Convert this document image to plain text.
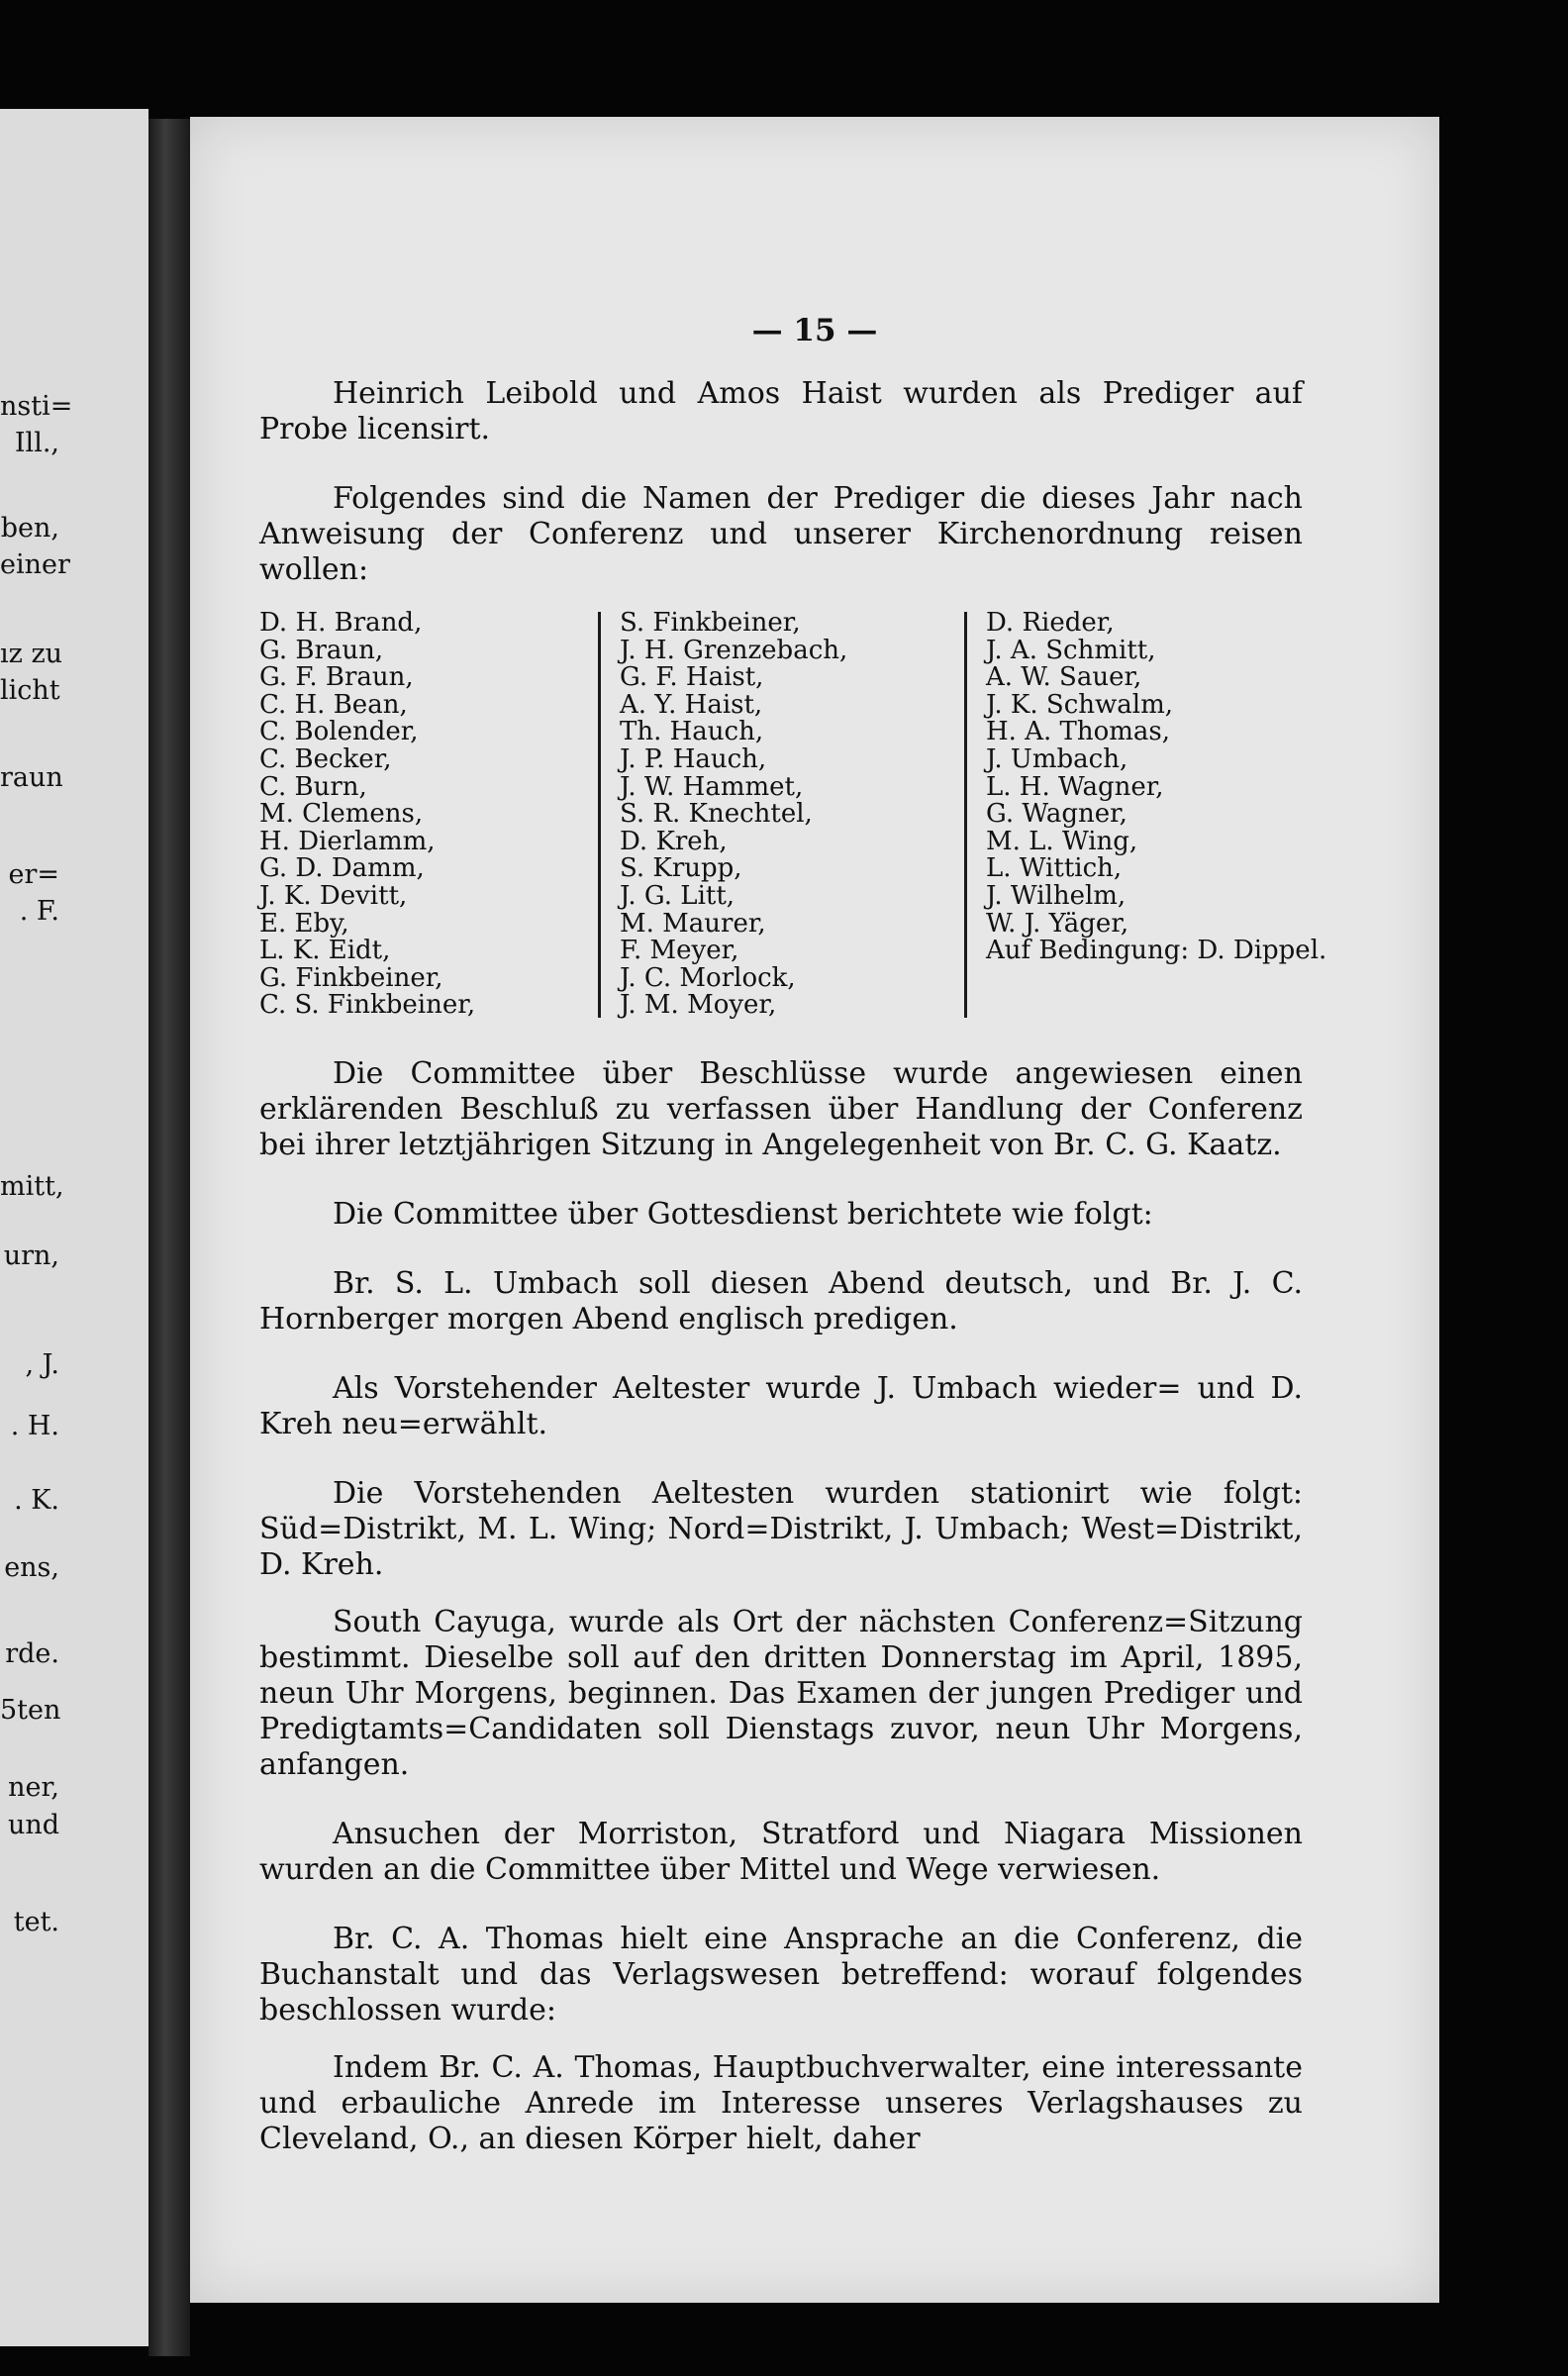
nsti=
Ill.,
ben,
einer
ız zu
licht
raun
er=
. F.
mitt,
urn,
, J.
. H.
. K.
ens,
rde.
5ten
ner,
und
tet.
— 15 —

Heinrich Leibold und Amos Haist wurden als Prediger auf Probe licensirt.

Folgendes sind die Namen der Prediger die dieses Jahr nach Anweisung der Conferenz und unserer Kirchenordnung reisen wollen:

D. H. Brand,
G. Braun,
G. F. Braun,
C. H. Bean,
C. Bolender,
C. Becker,
C. Burn,
M. Clemens,
H. Dierlamm,
G. D. Damm,
J. K. Devitt,
E. Eby,
L. K. Eidt,
G. Finkbeiner,
C. S. Finkbeiner,
S. Finkbeiner,
J. H. Grenzebach,
G. F. Haist,
A. Y. Haist,
Th. Hauch,
J. P. Hauch,
J. W. Hammet,
S. R. Knechtel,
D. Kreh,
S. Krupp,
J. G. Litt,
M. Maurer,
F. Meyer,
J. C. Morlock,
J. M. Moyer,
D. Rieder,
J. A. Schmitt,
A. W. Sauer,
J. K. Schwalm,
H. A. Thomas,
J. Umbach,
L. H. Wagner,
G. Wagner,
M. L. Wing,
L. Wittich,
J. Wilhelm,
W. J. Yäger,
Auf Bedingung: D. Dippel.

Die Committee über Beschlüsse wurde angewiesen einen erklärenden Beschluß zu verfassen über Handlung der Conferenz bei ihrer letztjährigen Sitzung in Angelegenheit von Br. C. G. Kaatz.

Die Committee über Gottesdienst berichtete wie folgt:

Br. S. L. Umbach soll diesen Abend deutsch, und Br. J. C. Hornberger morgen Abend englisch predigen.

Als Vorstehender Aeltester wurde J. Umbach wieder= und D. Kreh neu=erwählt.

Die Vorstehenden Aeltesten wurden stationirt wie folgt: Süd=Distrikt, M. L. Wing; Nord=Distrikt, J. Umbach; West=Distrikt, D. Kreh.

South Cayuga, wurde als Ort der nächsten Conferenz=Sitzung bestimmt. Dieselbe soll auf den dritten Donnerstag im April, 1895, neun Uhr Morgens, beginnen. Das Examen der jungen Prediger und Predigtamts=Candidaten soll Dienstags zuvor, neun Uhr Morgens, anfangen.

Ansuchen der Morriston, Stratford und Niagara Missionen wurden an die Committee über Mittel und Wege verwiesen.

Br. C. A. Thomas hielt eine Ansprache an die Conferenz, die Buchanstalt und das Verlagswesen betreffend: worauf folgendes beschlossen wurde:

Indem Br. C. A. Thomas, Hauptbuchverwalter, eine interessante und erbauliche Anrede im Interesse unseres Verlagshauses zu Cleveland, O., an diesen Körper hielt, daher
